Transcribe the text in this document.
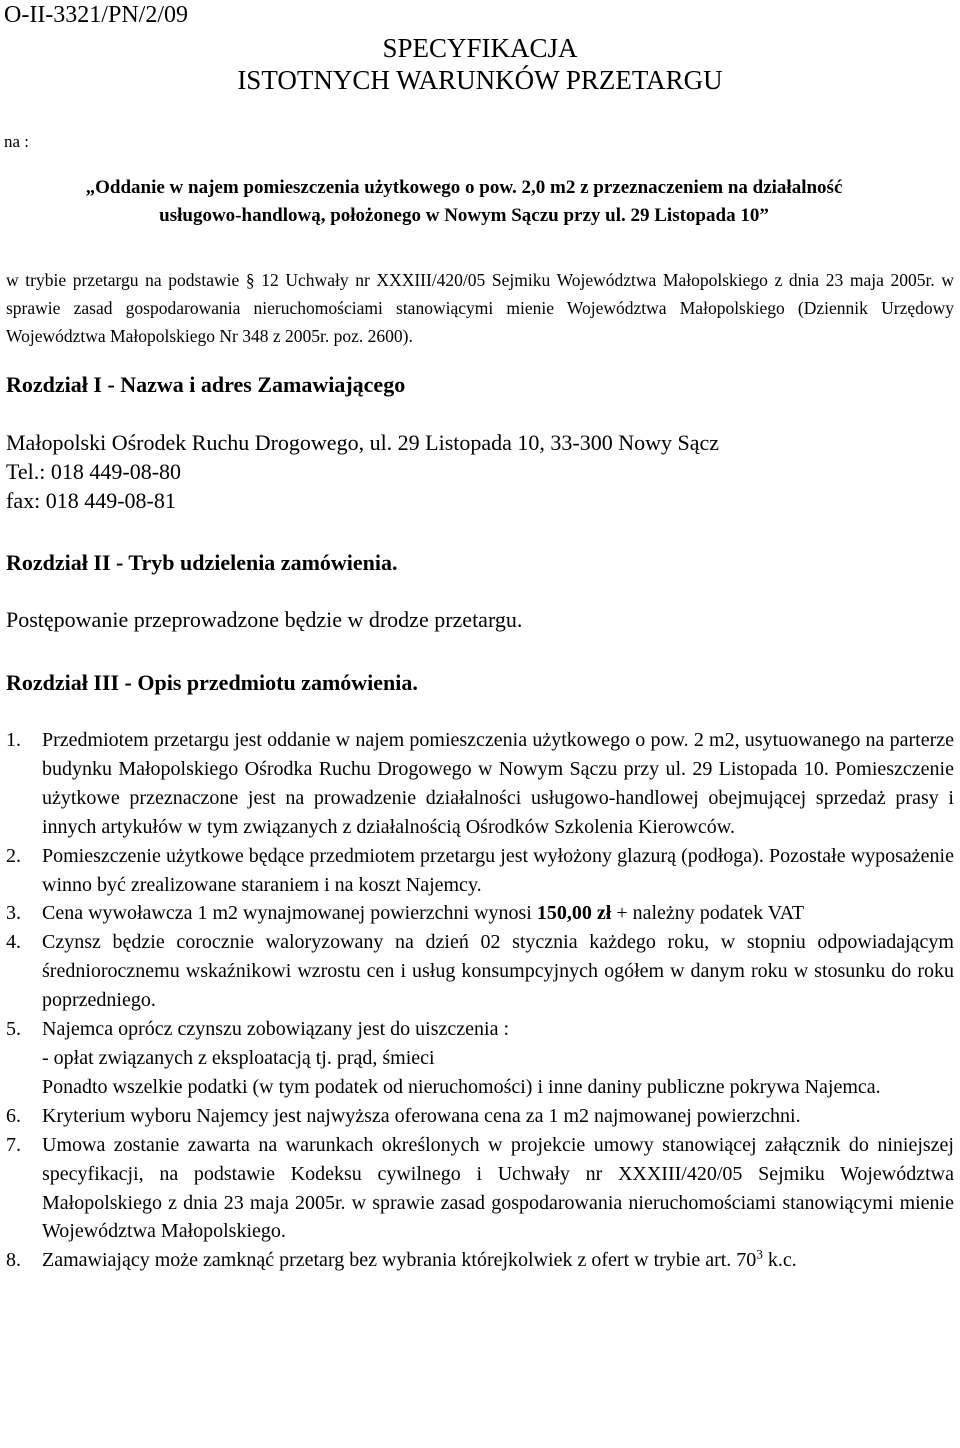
O-II-3321/PN/2/09
SPECYFIKACJA
ISTOTNYCH WARUNKÓW PRZETARGU
na :
„Oddanie w najem pomieszczenia użytkowego o pow. 2,0 m2 z przeznaczeniem na działalność usługowo-handlową, położonego w Nowym Sączu przy ul. 29 Listopada 10”
w trybie przetargu na podstawie § 12 Uchwały nr XXXIII/420/05 Sejmiku Województwa Małopolskiego z dnia 23 maja 2005r. w sprawie zasad gospodarowania nieruchomościami stanowiącymi mienie Województwa Małopolskiego (Dziennik Urzędowy Województwa Małopolskiego Nr 348 z 2005r. poz. 2600).
Rozdział I - Nazwa i adres Zamawiającego
Małopolski Ośrodek Ruchu Drogowego, ul. 29 Listopada 10, 33-300 Nowy Sącz
Tel.: 018 449-08-80
fax: 018 449-08-81
Rozdział II - Tryb udzielenia zamówienia.
Postępowanie przeprowadzone będzie w drodze przetargu.
Rozdział III - Opis przedmiotu zamówienia.
1. Przedmiotem przetargu jest oddanie w najem pomieszczenia użytkowego o pow. 2 m2, usytuowanego na parterze budynku Małopolskiego Ośrodka Ruchu Drogowego w Nowym Sączu przy ul. 29 Listopada 10. Pomieszczenie użytkowe przeznaczone jest na prowadzenie działalności usługowo-handlowej obejmującej sprzedaż prasy i innych artykułów w tym związanych z działalnością Ośrodków Szkolenia Kierowców.
2. Pomieszczenie użytkowe będące przedmiotem przetargu jest wyłożony glazurą (podłoga). Pozostałe wyposażenie winno być zrealizowane staraniem i na koszt Najemcy.
3. Cena wywoławcza 1 m2 wynajmowanej powierzchni wynosi 150,00 zł + należny podatek VAT
4. Czynsz będzie corocznie waloryzowany na dzień 02 stycznia każdego roku, w stopniu odpowiadającym średniorocznemu wskaźnikowi wzrostu cen i usług konsumpcyjnych ogółem w danym roku w stosunku do roku poprzedniego.
5. Najemca oprócz czynszu zobowiązany jest do uiszczenia :
- opłat związanych z eksploatacją tj. prąd, śmieci
Ponadto wszelkie podatki (w tym podatek od nieruchomości) i inne daniny publiczne pokrywa Najemca.
6. Kryterium wyboru Najemcy jest najwyższa oferowana cena za 1 m2 najmowanej powierzchni.
7. Umowa zostanie zawarta na warunkach określonych w projekcie umowy stanowiącej załącznik do niniejszej specyfikacji, na podstawie Kodeksu cywilnego i Uchwały nr XXXIII/420/05 Sejmiku Województwa Małopolskiego z dnia 23 maja 2005r. w sprawie zasad gospodarowania nieruchomościami stanowiącymi mienie Województwa Małopolskiego.
8. Zamawiający może zamknąć przetarg bez wybrania którejkolwiek z ofert w trybie art. $70^3$ k.c.
